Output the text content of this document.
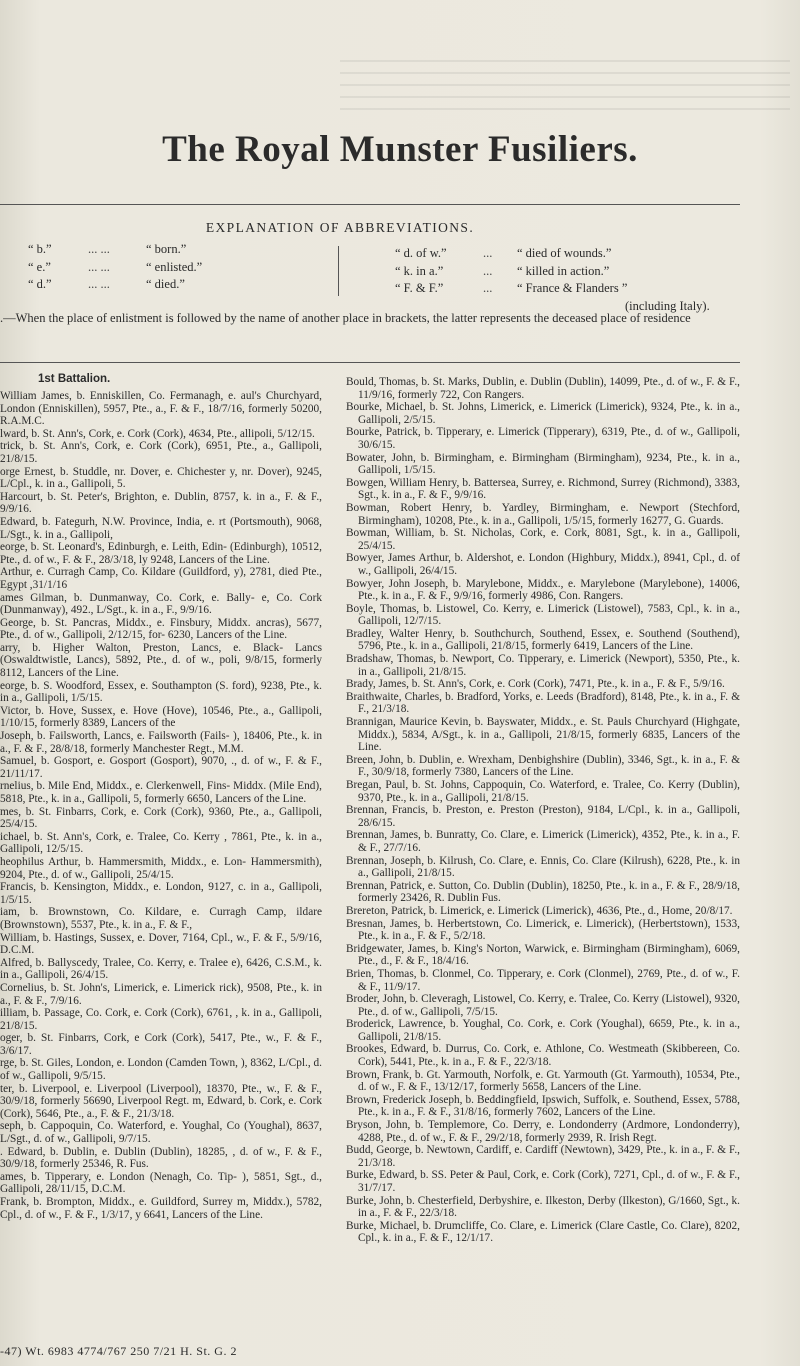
The Royal Munster Fusiliers.
EXPLANATION OF ABBREVIATIONS.
“ b.”	... ...	“ born.”
“ e.”	... ...	“ enlisted.”
“ d.”	... ...	“ died.”
“ d. of w.”	... “ died of wounds.”
“ k. in a.”	... “ killed in action.”
“ F. & F.”	... “ France & Flanders ”
(including Italy).
.—When the place of enlistment is followed by the name of another place in brackets, the latter represents the deceased place of residence
1st Battalion.

William James, b. Enniskillen, Co. Fermanagh, e. aul's Churchyard, London (Enniskillen), 5957, Pte., a., F. & F., 18/7/16, formerly 50200, R.A.M.C.

lward, b. St. Ann's, Cork, e. Cork (Cork), 4634, Pte., allipoli, 5/12/15.

trick, b. St. Ann's, Cork, e. Cork (Cork), 6951, Pte., a., Gallipoli, 21/8/15.

orge Ernest, b. Studdle, nr. Dover, e. Chichester y, nr. Dover), 9245, L/Cpl., k. in a., Gallipoli, 5.

Harcourt, b. St. Peter's, Brighton, e. Dublin, 8757, k. in a., F. & F., 9/9/16.

Edward, b. Fategurh, N.W. Province, India, e. rt (Portsmouth), 9068, L/Sgt., k. in a., Gallipoli,

eorge, b. St. Leonard's, Edinburgh, e. Leith, Edin- (Edinburgh), 10512, Pte., d. of w., F. & F., 28/3/18, ly 9248, Lancers of the Line.

Arthur, e. Curragh Camp, Co. Kildare (Guildford, y), 2781, died Pte., Egypt ,31/1/16

ames Gilman, b. Dunmanway, Co. Cork, e. Bally- e, Co. Cork (Dunmanway), 492., L/Sgt., k. in a., F., 9/9/16.

George, b. St. Pancras, Middx., e. Finsbury, Middx. ancras), 5677, Pte., d. of w., Gallipoli, 2/12/15, for- 6230, Lancers of the Line.

arry, b. Higher Walton, Preston, Lancs, e. Black- Lancs (Oswaldtwistle, Lancs), 5892, Pte., d. of w., poli, 9/8/15, formerly 8112, Lancers of the Line.

eorge, b. S. Woodford, Essex, e. Southampton (S. ford), 9238, Pte., k. in a., Gallipoli, 1/5/15.

Victor, b. Hove, Sussex, e. Hove (Hove), 10546, Pte., a., Gallipoli, 1/10/15, formerly 8389, Lancers of the

Joseph, b. Failsworth, Lancs, e. Failsworth (Fails- ), 18406, Pte., k. in a., F. & F., 28/8/18, formerly Manchester Regt., M.M.

Samuel, b. Gosport, e. Gosport (Gosport), 9070, ., d. of w., F. & F., 21/11/17.

rnelius, b. Mile End, Middx., e. Clerkenwell, Fins- Middx. (Mile End), 5818, Pte., k. in a., Gallipoli, 5, formerly 6650, Lancers of the Line.

mes, b. St. Finbarrs, Cork, e. Cork (Cork), 9360, Pte., a., Gallipoli, 25/4/15.

ichael, b. St. Ann's, Cork, e. Tralee, Co. Kerry , 7861, Pte., k. in a., Gallipoli, 12/5/15.

heophilus Arthur, b. Hammersmith, Middx., e. Lon- Hammersmith), 9204, Pte., d. of w., Gallipoli, 25/4/15.

Francis, b. Kensington, Middx., e. London, 9127, c. in a., Gallipoli, 1/5/15.

iam, b. Brownstown, Co. Kildare, e. Curragh Camp, ildare (Brownstown), 5537, Pte., k. in a., F. & F.,

William, b. Hastings, Sussex, e. Dover, 7164, Cpl., w., F. & F., 5/9/16, D.C.M.

Alfred, b. Ballyscedy, Tralee, Co. Kerry, e. Tralee e), 6426, C.S.M., k. in a., Gallipoli, 26/4/15.

Cornelius, b. St. John's, Limerick, e. Limerick rick), 9508, Pte., k. in a., F. & F., 7/9/16.

illiam, b. Passage, Co. Cork, e. Cork (Cork), 6761, , k. in a., Gallipoli, 21/8/15.

oger, b. St. Finbarrs, Cork, e Cork (Cork), 5417, Pte., w., F. & F., 3/6/17.

rge, b. St. Giles, London, e. London (Camden Town, ), 8362, L/Cpl., d. of w., Gallipoli, 9/5/15.

ter, b. Liverpool, e. Liverpool (Liverpool), 18370, Pte., w., F. & F., 30/9/18, formerly 56690, Liverpool Regt. m, Edward, b. Cork, e. Cork (Cork), 5646, Pte., a., F. & F., 21/3/18.

seph, b. Cappoquin, Co. Waterford, e. Youghal, Co (Youghal), 8637, L/Sgt., d. of w., Gallipoli, 9/7/15.

. Edward, b. Dublin, e. Dublin (Dublin), 18285, , d. of w., F. & F., 30/9/18, formerly 25346, R. Fus.

ames, b. Tipperary, e. London (Nenagh, Co. Tip- ), 5851, Sgt., d., Gallipoli, 28/11/15, D.C.M.

Frank, b. Brompton, Middx., e. Guildford, Surrey m, Middx.), 5782, Cpl., d. of w., F. & F., 1/3/17, y 6641, Lancers of the Line.

Bould, Thomas, b. St. Marks, Dublin, e. Dublin (Dublin), 14099, Pte., d. of w., F. & F., 11/9/16, formerly 722, Con Rangers.

Bourke, Michael, b. St. Johns, Limerick, e. Limerick (Limerick), 9324, Pte., k. in a., Gallipoli, 2/5/15.

Bourke, Patrick, b. Tipperary, e. Limerick (Tipperary), 6319, Pte., d. of w., Gallipoli, 30/6/15.

Bowater, John, b. Birmingham, e. Birmingham (Birmingham), 9234, Pte., k. in a., Gallipoli, 1/5/15.

Bowgen, William Henry, b. Battersea, Surrey, e. Richmond, Surrey (Richmond), 3383, Sgt., k. in a., F. & F., 9/9/16.

Bowman, Robert Henry, b. Yardley, Birmingham, e. Newport (Stechford, Birmingham), 10208, Pte., k. in a., Gallipoli, 1/5/15, formerly 16277, G. Guards.

Bowman, William, b. St. Nicholas, Cork, e. Cork, 8081, Sgt., k. in a., Gallipoli, 25/4/15.

Bowyer, James Arthur, b. Aldershot, e. London (Highbury, Middx.), 8941, Cpl., d. of w., Gallipoli, 26/4/15.

Bowyer, John Joseph, b. Marylebone, Middx., e. Marylebone (Marylebone), 14006, Pte., k. in a., F. & F., 9/9/16, formerly 4986, Con. Rangers.

Boyle, Thomas, b. Listowel, Co. Kerry, e. Limerick (Listowel), 7583, Cpl., k. in a., Gallipoli, 12/7/15.

Bradley, Walter Henry, b. Southchurch, Southend, Essex, e. Southend (Southend), 5796, Pte., k. in a., Gallipoli, 21/8/15, formerly 6419, Lancers of the Line.

Bradshaw, Thomas, b. Newport, Co. Tipperary, e. Limerick (Newport), 5350, Pte., k. in a., Gallipoli, 21/8/15.

Brady, James, b. St. Ann's, Cork, e. Cork (Cork), 7471, Pte., k. in a., F. & F., 5/9/16.

Braithwaite, Charles, b. Bradford, Yorks, e. Leeds (Bradford), 8148, Pte., k. in a., F. & F., 21/3/18.

Brannigan, Maurice Kevin, b. Bayswater, Middx., e. St. Pauls Churchyard (Highgate, Middx.), 5834, A/Sgt., k. in a., Gallipoli, 21/8/15, formerly 6835, Lancers of the Line.

Breen, John, b. Dublin, e. Wrexham, Denbighshire (Dublin), 3346, Sgt., k. in a., F. & F., 30/9/18, formerly 7380, Lancers of the Line.

Bregan, Paul, b. St. Johns, Cappoquin, Co. Waterford, e. Tralee, Co. Kerry (Dublin), 9370, Pte., k. in a., Gallipoli, 21/8/15.

Brennan, Francis, b. Preston, e. Preston (Preston), 9184, L/Cpl., k. in a., Gallipoli, 28/6/15.

Brennan, James, b. Bunratty, Co. Clare, e. Limerick (Limerick), 4352, Pte., k. in a., F. & F., 27/7/16.

Brennan, Joseph, b. Kilrush, Co. Clare, e. Ennis, Co. Clare (Kilrush), 6228, Pte., k. in a., Gallipoli, 21/8/15.

Brennan, Patrick, e. Sutton, Co. Dublin (Dublin), 18250, Pte., k. in a., F. & F., 28/9/18, formerly 23426, R. Dublin Fus.

Brereton, Patrick, b. Limerick, e. Limerick (Limerick), 4636, Pte., d., Home, 20/8/17.

Bresnan, James, b. Herbertstown, Co. Limerick, e. Limerick), (Herbertstown), 1533, Pte., k. in a., F. & F., 5/2/18.

Bridgewater, James, b. King's Norton, Warwick, e. Birmingham (Birmingham), 6069, Pte., d., F. & F., 18/4/16.

Brien, Thomas, b. Clonmel, Co. Tipperary, e. Cork (Clonmel), 2769, Pte., d. of w., F. & F., 11/9/17.

Broder, John, b. Cleveragh, Listowel, Co. Kerry, e. Tralee, Co. Kerry (Listowel), 9320, Pte., d. of w., Gallipoli, 7/5/15.

Broderick, Lawrence, b. Youghal, Co. Cork, e. Cork (Youghal), 6659, Pte., k. in a., Gallipoli, 21/8/15.

Brookes, Edward, b. Durrus, Co. Cork, e. Athlone, Co. Westmeath (Skibbereen, Co. Cork), 5441, Pte., k. in a., F. & F., 22/3/18.

Brown, Frank, b. Gt. Yarmouth, Norfolk, e. Gt. Yarmouth (Gt. Yarmouth), 10534, Pte., d. of w., F. & F., 13/12/17, formerly 5658, Lancers of the Line.

Brown, Frederick Joseph, b. Beddingfield, Ipswich, Suffolk, e. Southend, Essex, 5788, Pte., k. in a., F. & F., 31/8/16, formerly 7602, Lancers of the Line.

Bryson, John, b. Templemore, Co. Derry, e. Londonderry (Ardmore, Londonderry), 4288, Pte., d. of w., F. & F., 29/2/18, formerly 2939, R. Irish Regt.

Budd, George, b. Newtown, Cardiff, e. Cardiff (Newtown), 3429, Pte., k. in a., F. & F., 21/3/18.

Burke, Edward, b. SS. Peter & Paul, Cork, e. Cork (Cork), 7271, Cpl., d. of w., F. & F., 31/7/17.

Burke, John, b. Chesterfield, Derbyshire, e. Ilkeston, Derby (Ilkeston), G/1660, Sgt., k. in a., F. & F., 22/3/18.

Burke, Michael, b. Drumcliffe, Co. Clare, e. Limerick (Clare Castle, Co. Clare), 8202, Cpl., k. in a., F. & F., 12/1/17.

-47) Wt. 6983 4774/767 250 7/21 H. St. G. 2
